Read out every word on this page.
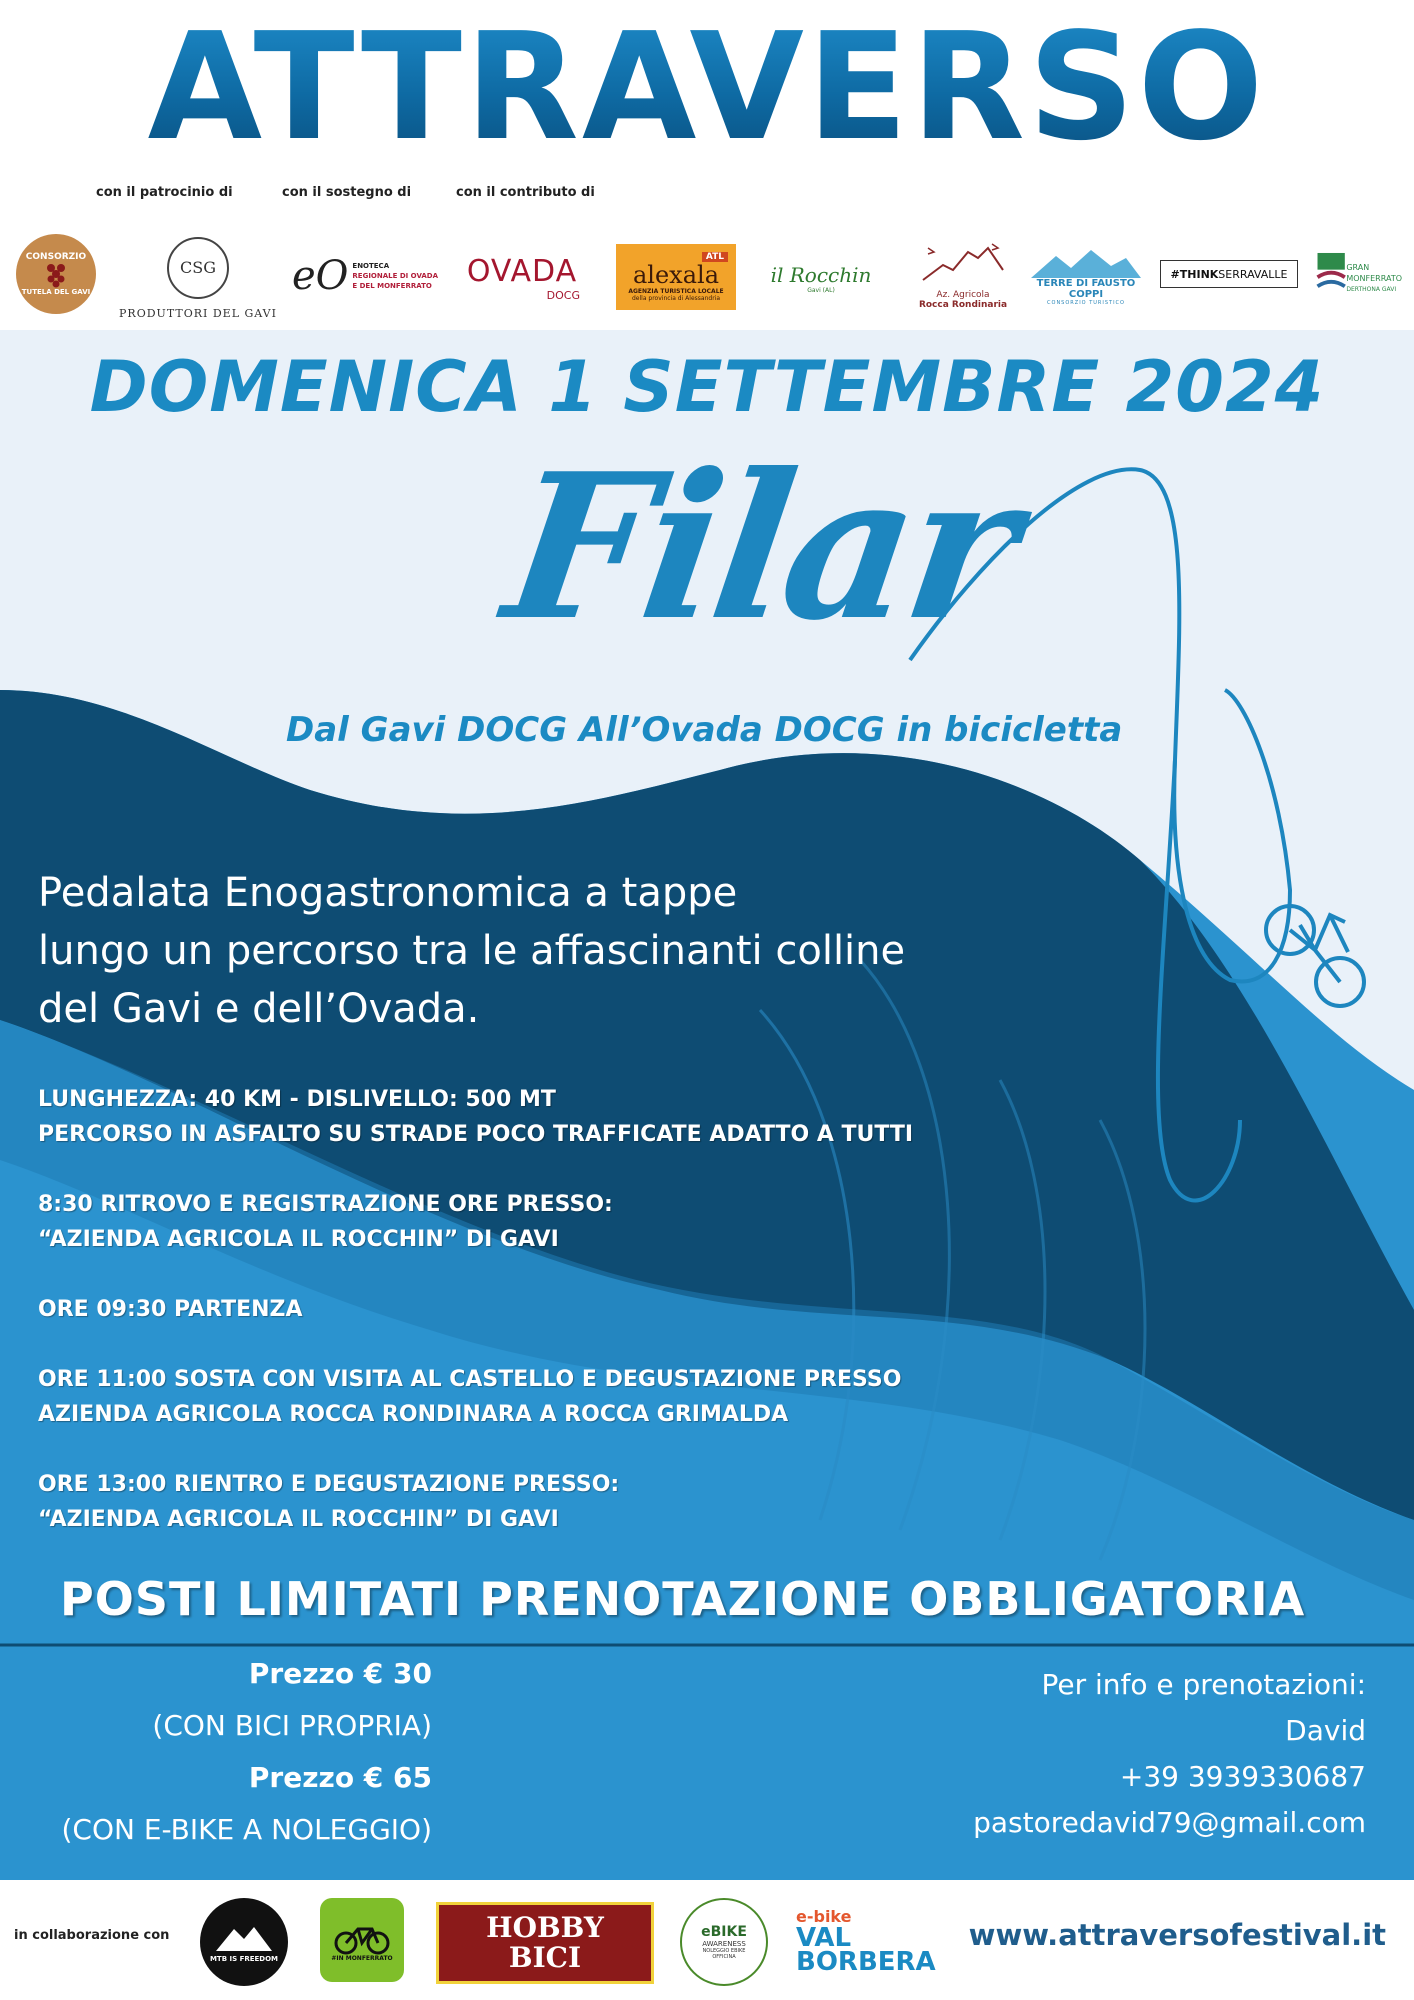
ATTRAVERSO
con il patrocinio di	con il sostegno di	con il contributo di
CONSORZIO
TUTELA DEL GAVI
CSG
PRODUTTORI DEL GAVI
eO ENOTECA
REGIONALE DI OVADA
E DEL MONFERRATO OVADA
DOCG
ATL
alexala
AGENZIA TURISTICA LOCALE
della provincia di Alessandria
il Rocchin
Gavi (AL)	Az. Agricola
Rocca Rondinaria
TERRE DI FAUSTO COPPI
CONSORZIO TURISTICO
#THINK SERRAVALLE
GRAN
MONFERRATO
DERTHONA GAVI
DOMENICA 1 SETTEMBRE 2024
Filar
Dal Gavi DOCG All’Ovada DOCG in bicicletta
Pedalata Enogastronomica a tappe
lungo un percorso tra le affascinanti colline
del Gavi e dell’Ovada.
LUNGHEZZA: 40 KM - DISLIVELLO: 500 MT
PERCORSO IN ASFALTO SU STRADE POCO TRAFFICATE ADATTO A TUTTI
8:30 RITROVO E REGISTRAZIONE ORE PRESSO:
“AZIENDA AGRICOLA IL ROCCHIN” DI GAVI
ORE 09:30 PARTENZA
ORE 11:00 SOSTA CON VISITA AL CASTELLO E DEGUSTAZIONE PRESSO
AZIENDA AGRICOLA ROCCA RONDINARA A ROCCA GRIMALDA
ORE 13:00 RIENTRO E DEGUSTAZIONE PRESSO:
“AZIENDA AGRICOLA IL ROCCHIN” DI GAVI
POSTI LIMITATI PRENOTAZIONE OBBLIGATORIA
Prezzo € 30
(CON BICI PROPRIA)
Prezzo € 65
(CON E-BIKE A NOLEGGIO)
Per info e prenotazioni:
David
+39 3939330687
pastoredavid79@gmail.com
in collaborazione con
MTB IS FREEDOM	#IN MONFERRATO
HOBBY
BICI
eBIKE
AWARENESS
NOLEGGIO EBIKE
OFFICINA
e-bike
VAL
BORBERA
www.attraversofestival.it
